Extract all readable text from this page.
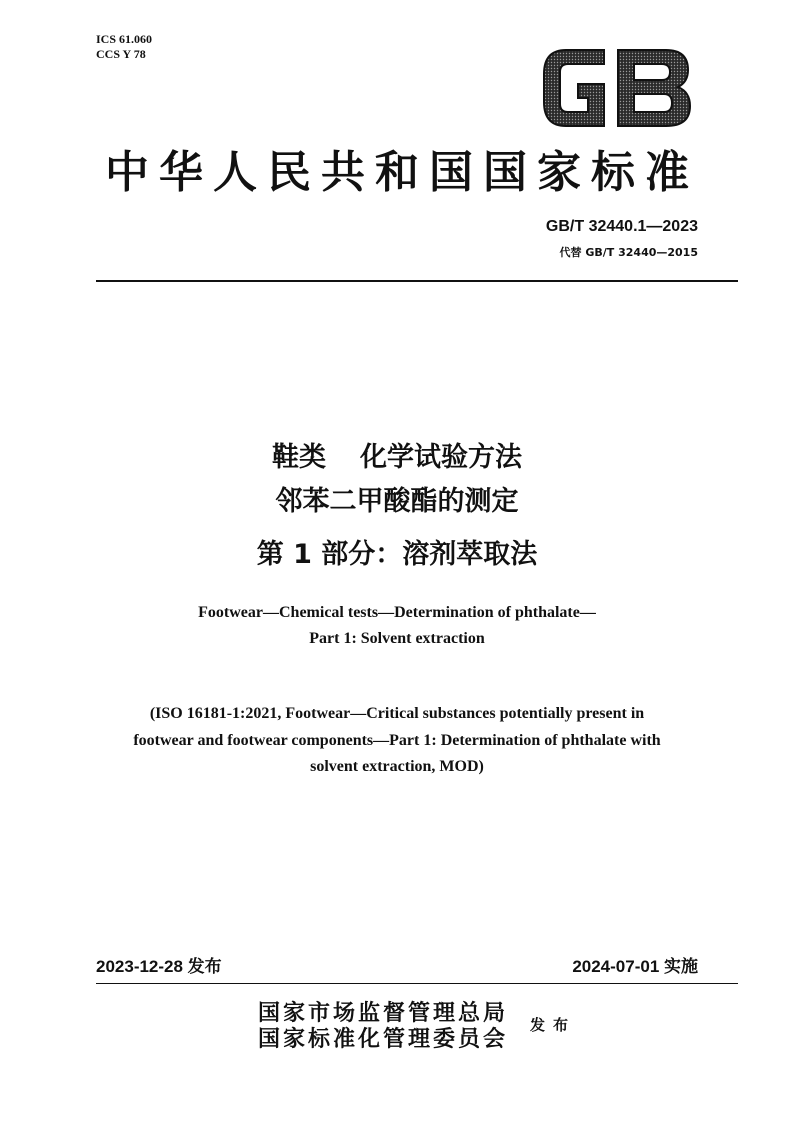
ICS 61.060
CCS Y 78
中华人民共和国国家标准
GB/T 32440.1—2023
代替 GB/T 32440—2015
鞋类 化学试验方法
邻苯二甲酸酯的测定
第 1 部分：溶剂萃取法
Footwear—Chemical tests—Determination of phthalate—
Part 1: Solvent extraction
(ISO 16181-1:2021, Footwear—Critical substances potentially present in
footwear and footwear components—Part 1: Determination of phthalate with
solvent extraction, MOD)
2023-12-28 发布	2024-07-01 实施
国家市场监督管理总局
国家标准化管理委员会
发布
